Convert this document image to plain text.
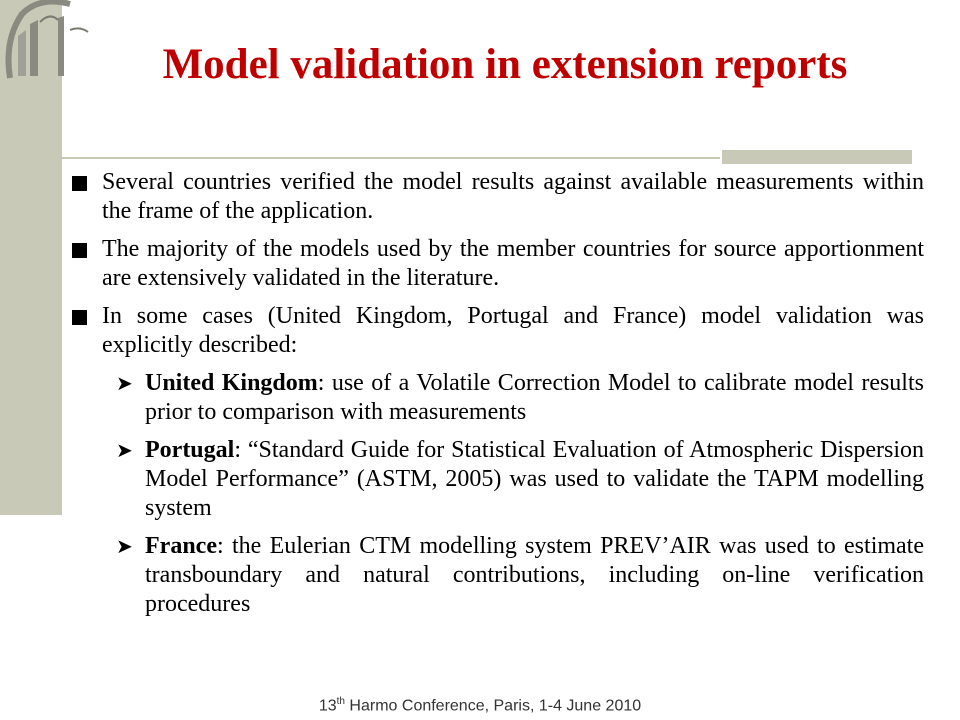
Model validation in extension reports
Several countries verified the model results against available measurements within the frame of the application.
The majority of the models used by the member countries for source apportionment are extensively validated in the literature.
In some cases (United Kingdom, Portugal and France) model validation was explicitly described:
➤ United Kingdom: use of a Volatile Correction Model to calibrate model results prior to comparison with measurements
➤ Portugal: “Standard Guide for Statistical Evaluation of Atmospheric Dispersion Model Performance” (ASTM, 2005) was used to validate the TAPM modelling system
➤ France: the Eulerian CTM modelling system PREV’AIR was used to estimate transboundary and natural contributions, including on-line verification procedures
13th Harmo Conference, Paris, 1-4 June 2010
